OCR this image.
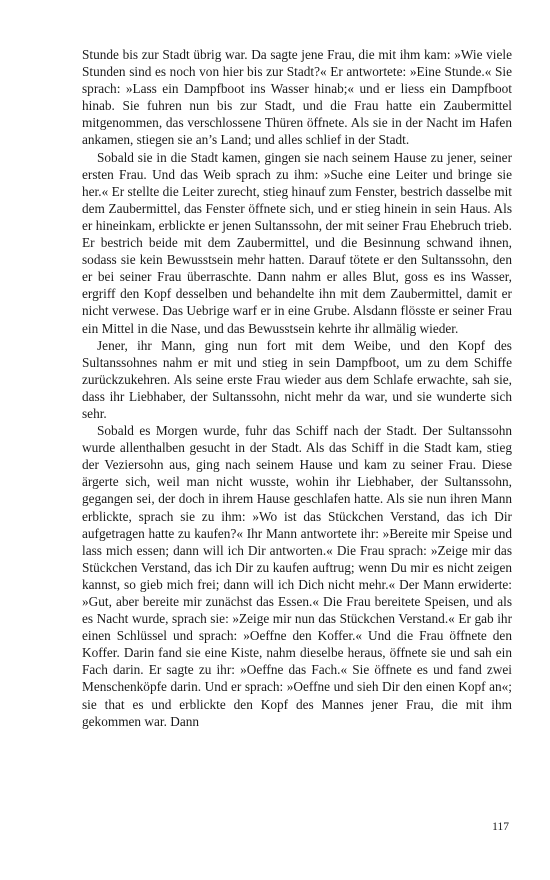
Stunde bis zur Stadt übrig war. Da sagte jene Frau, die mit ihm kam: »Wie viele Stunden sind es noch von hier bis zur Stadt?« Er antwortete: »Eine Stunde.« Sie sprach: »Lass ein Dampfboot ins Wasser hinab;« und er liess ein Dampfboot hinab. Sie fuhren nun bis zur Stadt, und die Frau hatte ein Zaubermittel mitgenommen, das verschlossene Thüren öffnete. Als sie in der Nacht im Hafen ankamen, stiegen sie an’s Land; und alles schlief in der Stadt.

Sobald sie in die Stadt kamen, gingen sie nach seinem Hause zu jener, seiner ersten Frau. Und das Weib sprach zu ihm: »Suche eine Leiter und bringe sie her.« Er stellte die Leiter zurecht, stieg hinauf zum Fenster, bestrich dasselbe mit dem Zaubermittel, das Fenster öffnete sich, und er stieg hinein in sein Haus. Als er hineinkam, erblickte er jenen Sultanssohn, der mit seiner Frau Ehebruch trieb. Er bestrich beide mit dem Zaubermittel, und die Besinnung schwand ihnen, sodass sie kein Bewusstsein mehr hatten. Darauf tötete er den Sultanssohn, den er bei seiner Frau überraschte. Dann nahm er alles Blut, goss es ins Wasser, ergriff den Kopf desselben und behandelte ihn mit dem Zaubermittel, damit er nicht verwese. Das Uebrige warf er in eine Grube. Alsdann flösste er seiner Frau ein Mittel in die Nase, und das Bewusstsein kehrte ihr allmälig wieder.

Jener, ihr Mann, ging nun fort mit dem Weibe, und den Kopf des Sultanssohnes nahm er mit und stieg in sein Dampfboot, um zu dem Schiffe zurückzukehren. Als seine erste Frau wieder aus dem Schlafe erwachte, sah sie, dass ihr Liebhaber, der Sultanssohn, nicht mehr da war, und sie wunderte sich sehr.

Sobald es Morgen wurde, fuhr das Schiff nach der Stadt. Der Sultanssohn wurde allenthalben gesucht in der Stadt. Als das Schiff in die Stadt kam, stieg der Veziersohn aus, ging nach seinem Hause und kam zu seiner Frau. Diese ärgerte sich, weil man nicht wusste, wohin ihr Liebhaber, der Sultanssohn, gegangen sei, der doch in ihrem Hause geschlafen hatte. Als sie nun ihren Mann erblickte, sprach sie zu ihm: »Wo ist das Stückchen Verstand, das ich Dir aufgetragen hatte zu kaufen?« Ihr Mann antwortete ihr: »Bereite mir Speise und lass mich essen; dann will ich Dir antworten.« Die Frau sprach: »Zeige mir das Stückchen Verstand, das ich Dir zu kaufen auftrug; wenn Du mir es nicht zeigen kannst, so gieb mich frei; dann will ich Dich nicht mehr.« Der Mann erwiderte: »Gut, aber bereite mir zunächst das Essen.« Die Frau bereitete Speisen, und als es Nacht wurde, sprach sie: »Zeige mir nun das Stückchen Verstand.« Er gab ihr einen Schlüssel und sprach: »Oeffne den Koffer.« Und die Frau öffnete den Koffer. Darin fand sie eine Kiste, nahm dieselbe heraus, öffnete sie und sah ein Fach darin. Er sagte zu ihr: »Oeffne das Fach.« Sie öffnete es und fand zwei Menschenköpfe darin. Und er sprach: »Oeffne und sieh Dir den einen Kopf an«; sie that es und erblickte den Kopf des Mannes jener Frau, die mit ihm gekommen war. Dann

117
